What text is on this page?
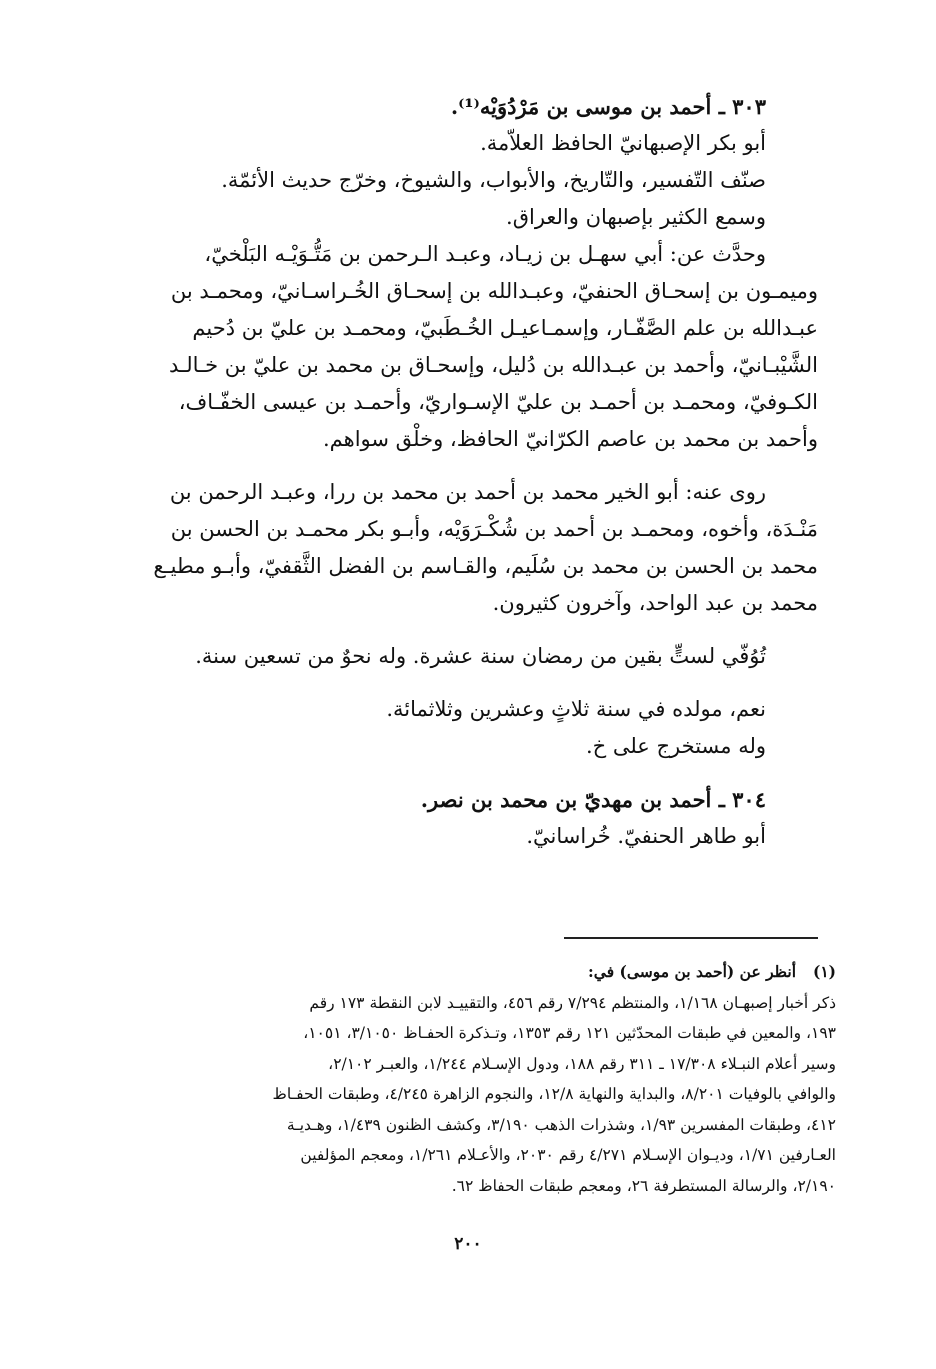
٣٠٣ ـ أحمد بن موسى بن مَرْدُوَيْه⁽¹⁾.
أبو بكر الإصبهانيّ الحافظ العلاّمة.
صنّف التّفسير، والتّاريخ، والأبواب، والشيوخ، وخرّج حديث الأئمّة.
وسمع الكثير بإصبهان والعراق.
وحدَّث عن: أبي سهـل بن زيـاد، وعبـد الـرحمن بن مَتُّـوَيْـه البَلْخيّ،
وميمـون بن إسحـاق الحنفيّ، وعبـدالله بن إسحـاق الخُـراسـانيّ، ومحمـد بن
عبـدالله بن علم الصَّفّـار، وإسمـاعيـل الخُـطَبيّ، ومحمـد بن عليّ بن دُحيم
الشَّيْبـانيّ، وأحمد بن عبـدالله بن دُليل، وإسحـاق بن محمد بن عليّ بن خـالـد
الكـوفيّ، ومحمـد بن أحمـد بن عليّ الإسـواريّ، وأحمـد بن عيسى الخفّـاف،
وأحمد بن محمد بن عاصم الكرّانيّ الحافظ، وخلْق سواهم.
روى عنه: أبو الخير محمد بن أحمد بن محمد بن ررا، وعبـد الرحمن بن
مَنْـدَة، وأخوه، ومحمـد بن أحمد بن شُكْـرَوَيْه، وأبـو بكر محمـد بن الحسن بن
محمد بن الحسن بن محمد بن سُلَيم، والقـاسم بن الفضل الثَّقفيّ، وأبـو مطيـع
محمد بن عبد الواحد، وآخرون كثيرون.
تُوُفّي لستٍّ بقين من رمضان سنة عشرة. وله نحوٌ من تسعين سنة.
نعم، مولده في سنة ثلاثٍ وعشرين وثلاثمائة.
وله مستخرج على خ.
٣٠٤ ـ أحمد بن مهديّ بن محمد بن نصر.
أبو طاهر الحنفيّ. خُراسانيّ.
(١)أنظر عن (أحمد بن موسى) في:
ذكر أخبار إصبهـان ١/١٦٨، والمنتظم ٧/٢٩٤ رقم ٤٥٦، والتقييـد لابن النقطة ١٧٣ رقم
١٩٣، والمعين في طبقات المحدّثين ١٢١ رقم ١٣٥٣، وتـذكرة الحفـاظ ٣/١٠٥٠، ١٠٥١،
وسير أعلام النبـلاء ١٧/٣٠٨ ـ ٣١١ رقم ١٨٨، ودول الإسـلام ١/٢٤٤، والعبـر ٢/١٠٢،
والوافي بالوفيات ٨/٢٠١، والبداية والنهاية ١٢/٨، والنجوم الزاهرة ٤/٢٤٥، وطبقات الحفـاظ
٤١٢، وطبقات المفسرين ١/٩٣، وشذرات الذهب ٣/١٩٠، وكشف الظنون ١/٤٣٩، وهـديـة
العـارفين ١/٧١، وديـوان الإسـلام ٤/٢٧١ رقم ٢٠٣٠، والأعـلام ١/٢٦١، ومعجم المؤلفين
٢/١٩٠، والرسالة المستطرفة ٢٦، ومعجم طبقات الحفاظ ٦٢.
٢٠٠
